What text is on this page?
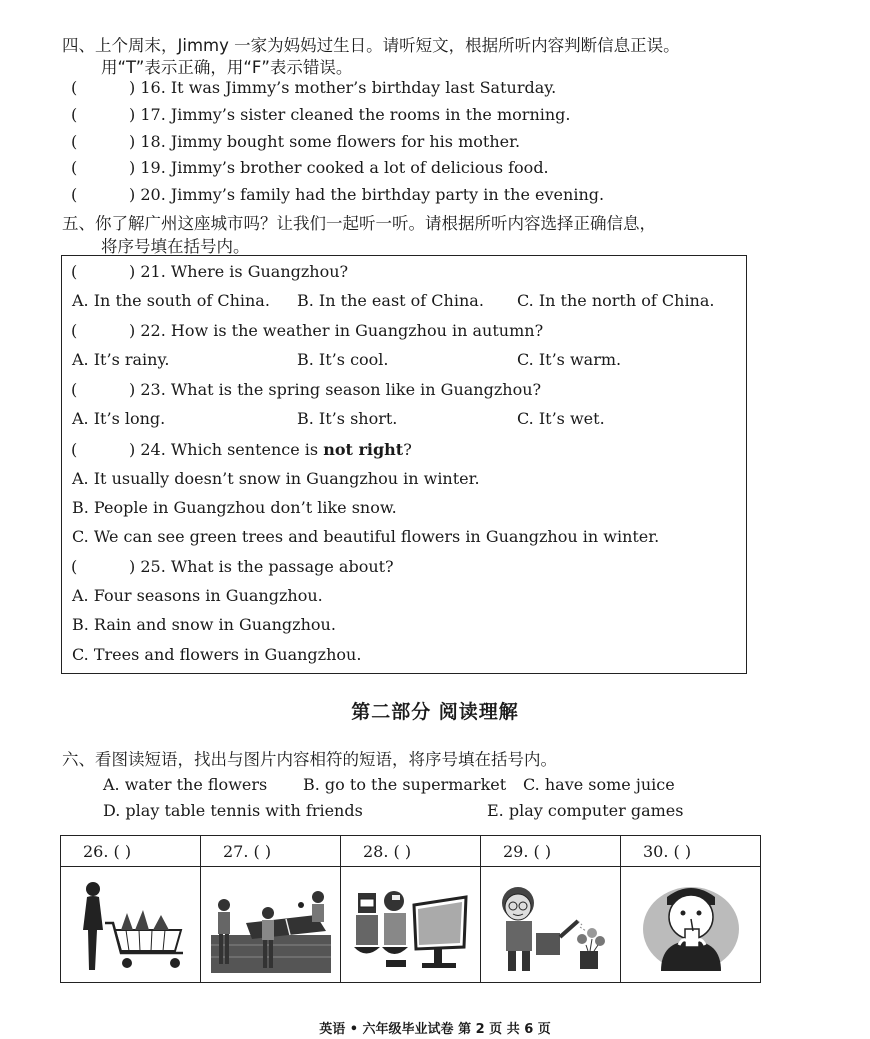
四、上个周末，Jimmy 一家为妈妈过生日。请听短文，根据所听内容判断信息正误。
用“T”表示正确，用“F”表示错误。
(	) 16. It was Jimmy’s mother’s birthday last Saturday.
(	) 17. Jimmy’s sister cleaned the rooms in the morning.
(	) 18. Jimmy bought some flowers for his mother.
(	) 19. Jimmy’s brother cooked a lot of delicious food.
(	) 20. Jimmy’s family had the birthday party in the evening.
五、你了解广州这座城市吗？让我们一起听一听。请根据所听内容选择正确信息，
将序号填在括号内。
(	) 21. Where is Guangzhou?
A. In the south of China. B. In the east of China. C. In the north of China.
(	) 22. How is the weather in Guangzhou in autumn?
A. It’s rainy.	B. It’s cool.	C. It’s warm.
(	) 23. What is the spring season like in Guangzhou?
A. It’s long.	B. It’s short.	C. It’s wet.
(	) 24. Which sentence is not right?
A. It usually doesn’t snow in Guangzhou in winter.
B. People in Guangzhou don’t like snow.
C. We can see green trees and beautiful flowers in Guangzhou in winter.
(	) 25. What is the passage about?
A. Four seasons in Guangzhou.
B. Rain and snow in Guangzhou.
C. Trees and flowers in Guangzhou.
第二部分 阅读理解
六、看图读短语，找出与图片内容相符的短语，将序号填在括号内。
A. water the flowers B. go to the supermarket C. have some juice
D. play table tennis with friends	E. play computer games
26. ( )	27. ( )	28. ( )	29. ( )	30. ( )
英语 • 六年级毕业试卷 第 2 页 共 6 页
